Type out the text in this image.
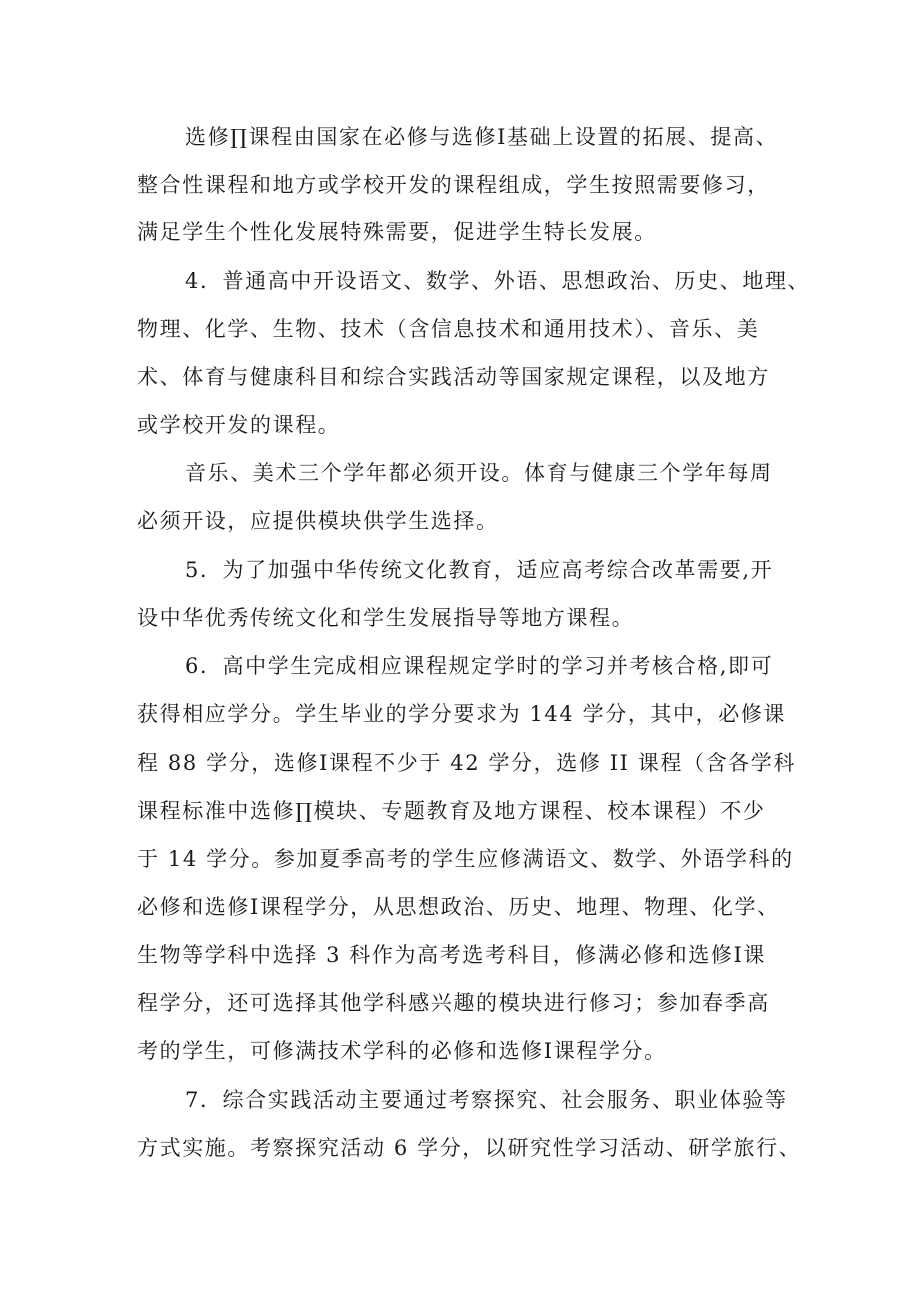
选修∏课程由国家在必修与选修Ⅰ基础上设置的拓展、提高、
整合性课程和地方或学校开发的课程组成，学生按照需要修习，
满足学生个性化发展特殊需要，促进学生特长发展。
4．普通高中开设语文、数学、外语、思想政治、历史、地理、
物理、化学、生物、技术（含信息技术和通用技术）、音乐、美
术、体育与健康科目和综合实践活动等国家规定课程，以及地方
或学校开发的课程。
音乐、美术三个学年都必须开设。体育与健康三个学年每周
必须开设，应提供模块供学生选择。
5．为了加强中华传统文化教育，适应高考综合改革需要,开
设中华优秀传统文化和学生发展指导等地方课程。
6．高中学生完成相应课程规定学时的学习并考核合格,即可
获得相应学分。学生毕业的学分要求为 144 学分，其中，必修课
程 88 学分，选修Ⅰ课程不少于 42 学分，选修 II 课程（含各学科
课程标准中选修∏模块、专题教育及地方课程、校本课程）不少
于 14 学分。参加夏季高考的学生应修满语文、数学、外语学科的
必修和选修Ⅰ课程学分，从思想政治、历史、地理、物理、化学、
生物等学科中选择 3 科作为高考选考科目，修满必修和选修Ⅰ课
程学分，还可选择其他学科感兴趣的模块进行修习；参加春季高
考的学生，可修满技术学科的必修和选修Ⅰ课程学分。
7．综合实践活动主要通过考察探究、社会服务、职业体验等
方式实施。考察探究活动 6 学分，以研究性学习活动、研学旅行、
